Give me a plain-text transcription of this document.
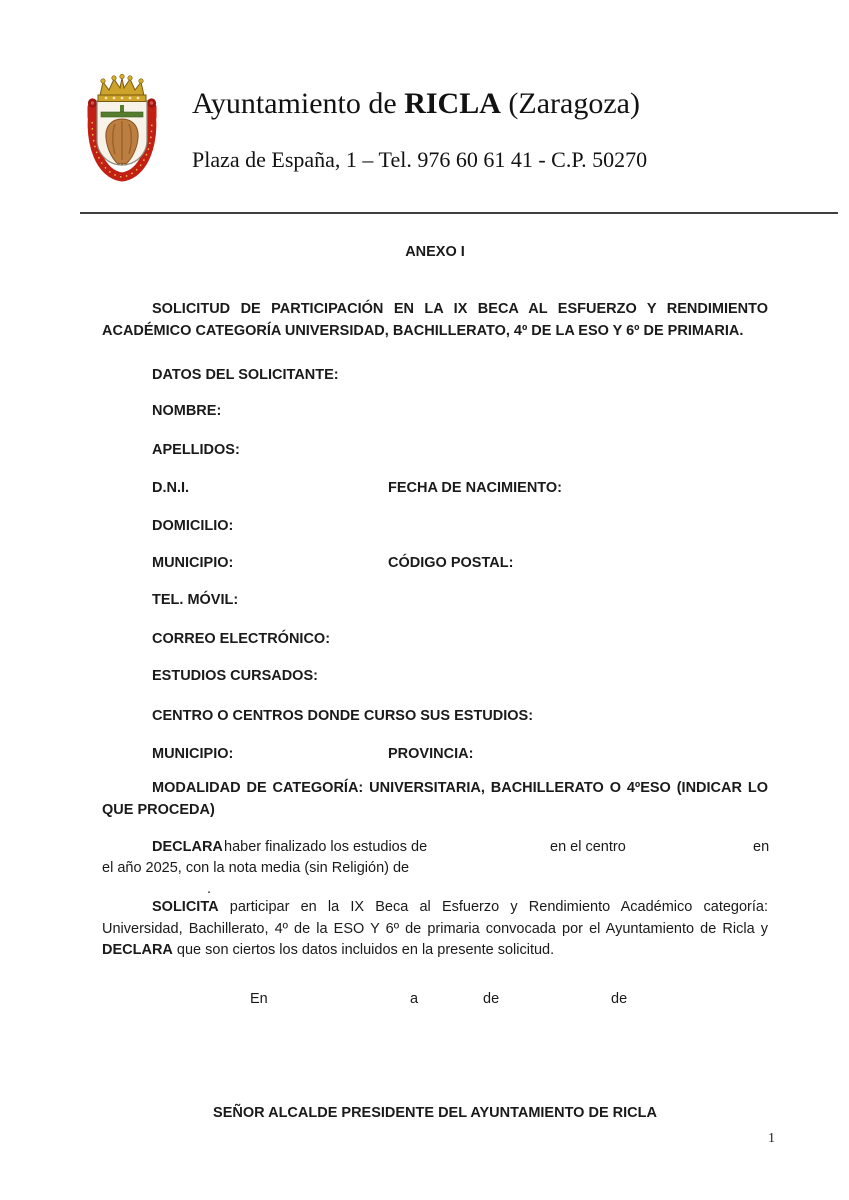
Ayuntamiento de RICLA (Zaragoza)
Plaza de España, 1 – Tel. 976 60 61 41 - C.P. 50270
ANEXO I
SOLICITUD DE PARTICIPACIÓN EN LA IX BECA AL ESFUERZO Y RENDIMIENTO ACADÉMICO CATEGORÍA UNIVERSIDAD, BACHILLERATO, 4º DE LA ESO Y 6º DE PRIMARIA.
DATOS DEL SOLICITANTE:
NOMBRE:
APELLIDOS:
D.N.I.	FECHA DE NACIMIENTO:
DOMICILIO:
MUNICIPIO:	CÓDIGO POSTAL:
TEL. MÓVIL:
CORREO ELECTRÓNICO:
ESTUDIOS CURSADOS:
CENTRO O CENTROS DONDE CURSO SUS ESTUDIOS:
MUNICIPIO:	PROVINCIA:
MODALIDAD DE CATEGORÍA: UNIVERSITARIA, BACHILLERATO O 4ºESO (INDICAR LO QUE PROCEDA)
DECLARA haber finalizado los estudios de	en el centro	en
el año 2025, con la nota media (sin Religión) de
.
SOLICITA participar en la IX Beca al Esfuerzo y Rendimiento Académico categoría: Universidad, Bachillerato, 4º de la ESO Y 6º de primaria convocada por el Ayuntamiento de Ricla y DECLARA que son ciertos los datos incluidos en la presente solicitud.
En	a	de	de
SEÑOR ALCALDE PRESIDENTE DEL AYUNTAMIENTO DE RICLA
1
